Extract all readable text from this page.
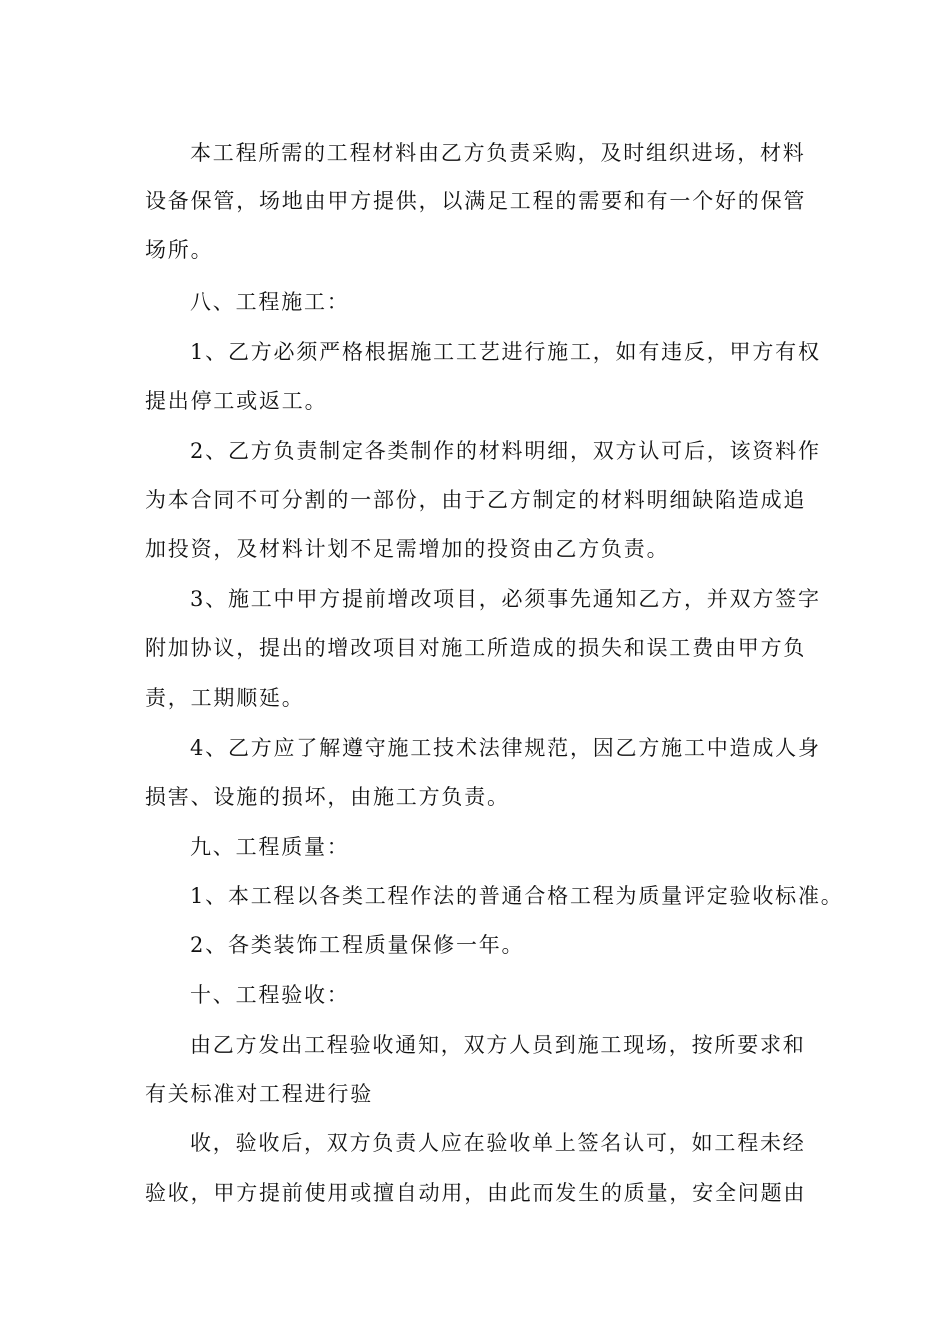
本工程所需的工程材料由乙方负责采购，及时组织进场，材料
设备保管，场地由甲方提供，以满足工程的需要和有一个好的保管
场所。
八、工程施工：
1、乙方必须严格根据施工工艺进行施工，如有违反，甲方有权
提出停工或返工。
2、乙方负责制定各类制作的材料明细，双方认可后，该资料作
为本合同不可分割的一部份，由于乙方制定的材料明细缺陷造成追
加投资，及材料计划不足需增加的投资由乙方负责。
3、施工中甲方提前增改项目，必须事先通知乙方，并双方签字
附加协议，提出的增改项目对施工所造成的损失和误工费由甲方负
责，工期顺延。
4、乙方应了解遵守施工技术法律规范，因乙方施工中造成人身
损害、设施的损坏，由施工方负责。
九、工程质量：
1、本工程以各类工程作法的普通合格工程为质量评定验收标准。
2、各类装饰工程质量保修一年。
十、工程验收：
由乙方发出工程验收通知，双方人员到施工现场，按所要求和
有关标准对工程进行验
收，验收后，双方负责人应在验收单上签名认可，如工程未经
验收，甲方提前使用或擅自动用，由此而发生的质量，安全问题由
